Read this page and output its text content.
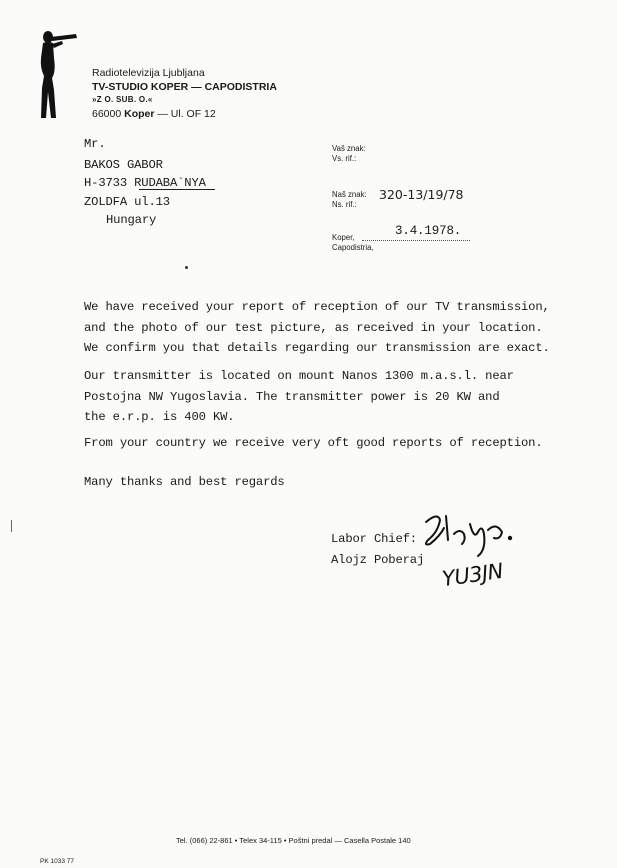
Radiotelevizija Ljubljana
TV-STUDIO KOPER — CAPODISTRIA
»Z O. SUB. O.«
66000 Koper — Ul. OF 12
Mr.
BAKOS GABOR
H-3733 RUDABA`NYA
ZOLDFA ul.13
Hungary
Vaš znak:
Vs. rif.:
Naš znak:
Ns. rif.:
320-13/19/78
Koper,
Capodistria,
3.4.1978.
We have received your report of reception of our TV transmission,
and the photo of our test picture, as received in your location.
We confirm you that details regarding our transmission are exact.
Our transmitter is located on mount Nanos 1300 m.a.s.l. near
Postojna NW Yugoslavia. The transmitter power is 20 KW and
the e.r.p. is 400 KW.
From your country we receive very oft good reports of reception.
Many thanks and best regards
Labor Chief:
Alojz Poberaj YU3JN
Tel. (066) 22-861 • Telex 34-115 • Poštni predal — Casella Postale 140
PK 1033 77
